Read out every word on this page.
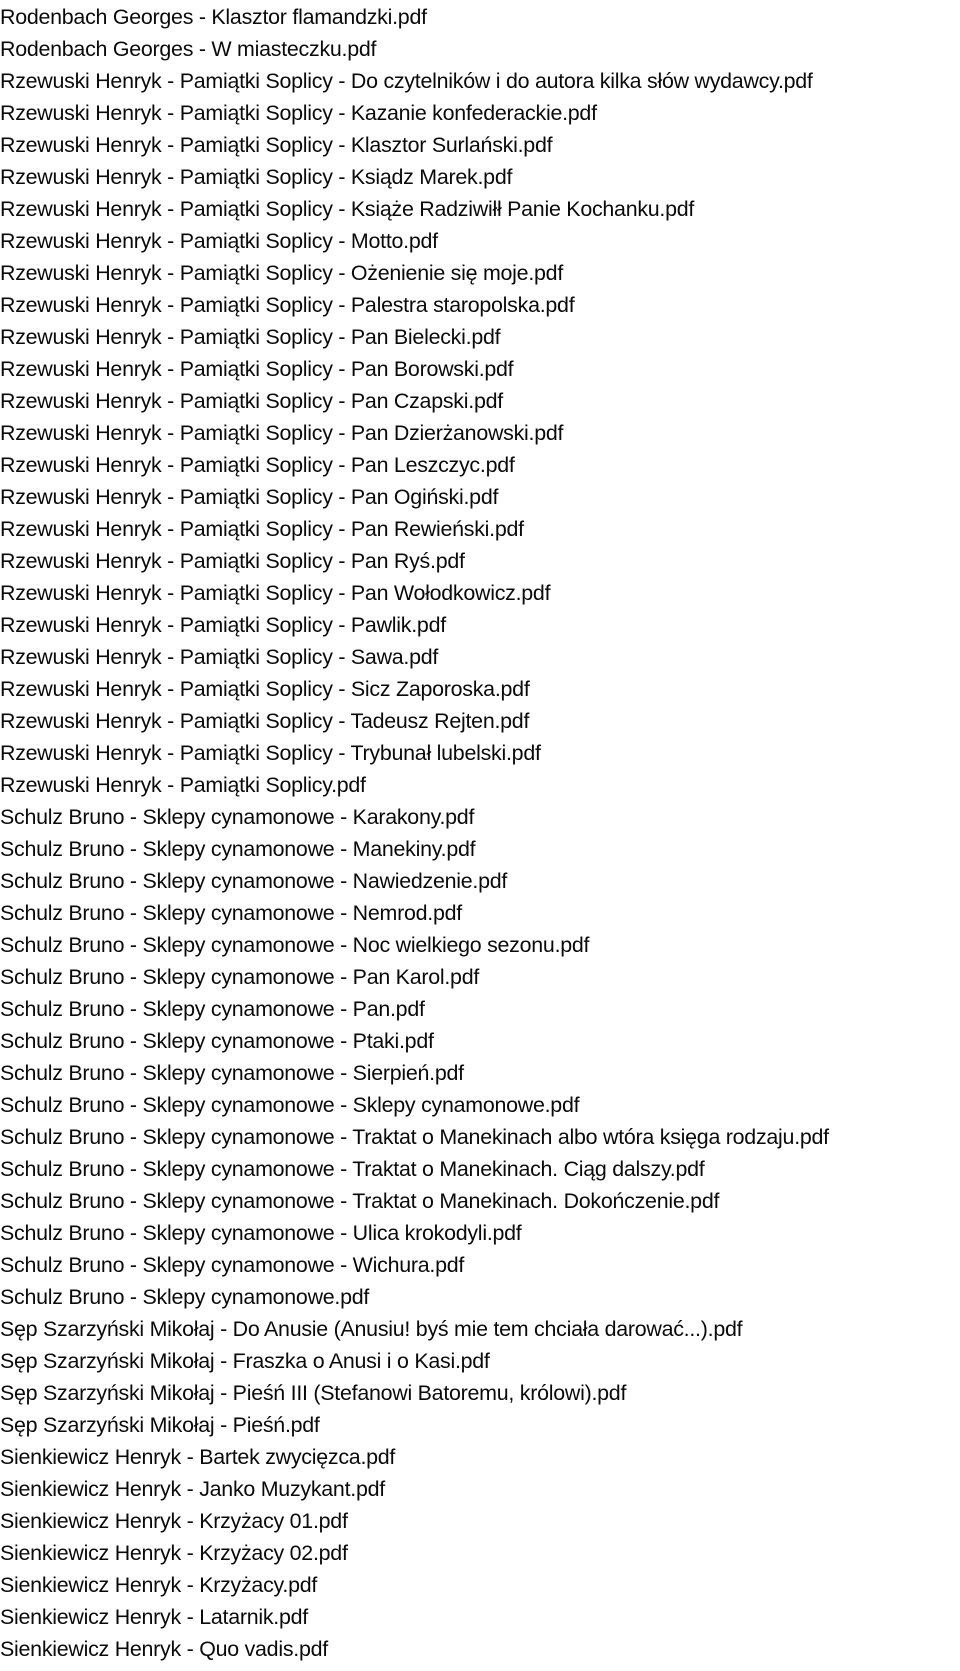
Rodenbach Georges - Klasztor flamandzki.pdf
Rodenbach Georges - W miasteczku.pdf
Rzewuski Henryk - Pamiątki Soplicy - Do czytelników i do autora kilka słów wydawcy.pdf
Rzewuski Henryk - Pamiątki Soplicy - Kazanie konfederackie.pdf
Rzewuski Henryk - Pamiątki Soplicy - Klasztor Surlański.pdf
Rzewuski Henryk - Pamiątki Soplicy - Ksiądz Marek.pdf
Rzewuski Henryk - Pamiątki Soplicy - Książe Radziwiłł Panie Kochanku.pdf
Rzewuski Henryk - Pamiątki Soplicy - Motto.pdf
Rzewuski Henryk - Pamiątki Soplicy - Ożenienie się moje.pdf
Rzewuski Henryk - Pamiątki Soplicy - Palestra staropolska.pdf
Rzewuski Henryk - Pamiątki Soplicy - Pan Bielecki.pdf
Rzewuski Henryk - Pamiątki Soplicy - Pan Borowski.pdf
Rzewuski Henryk - Pamiątki Soplicy - Pan Czapski.pdf
Rzewuski Henryk - Pamiątki Soplicy - Pan Dzierżanowski.pdf
Rzewuski Henryk - Pamiątki Soplicy - Pan Leszczyc.pdf
Rzewuski Henryk - Pamiątki Soplicy - Pan Ogiński.pdf
Rzewuski Henryk - Pamiątki Soplicy - Pan Rewieński.pdf
Rzewuski Henryk - Pamiątki Soplicy - Pan Ryś.pdf
Rzewuski Henryk - Pamiątki Soplicy - Pan Wołodkowicz.pdf
Rzewuski Henryk - Pamiątki Soplicy - Pawlik.pdf
Rzewuski Henryk - Pamiątki Soplicy - Sawa.pdf
Rzewuski Henryk - Pamiątki Soplicy - Sicz Zaporoska.pdf
Rzewuski Henryk - Pamiątki Soplicy - Tadeusz Rejten.pdf
Rzewuski Henryk - Pamiątki Soplicy - Trybunał lubelski.pdf
Rzewuski Henryk - Pamiątki Soplicy.pdf
Schulz Bruno - Sklepy cynamonowe - Karakony.pdf
Schulz Bruno - Sklepy cynamonowe - Manekiny.pdf
Schulz Bruno - Sklepy cynamonowe - Nawiedzenie.pdf
Schulz Bruno - Sklepy cynamonowe - Nemrod.pdf
Schulz Bruno - Sklepy cynamonowe - Noc wielkiego sezonu.pdf
Schulz Bruno - Sklepy cynamonowe - Pan Karol.pdf
Schulz Bruno - Sklepy cynamonowe - Pan.pdf
Schulz Bruno - Sklepy cynamonowe - Ptaki.pdf
Schulz Bruno - Sklepy cynamonowe - Sierpień.pdf
Schulz Bruno - Sklepy cynamonowe - Sklepy cynamonowe.pdf
Schulz Bruno - Sklepy cynamonowe - Traktat o Manekinach albo wtóra księga rodzaju.pdf
Schulz Bruno - Sklepy cynamonowe - Traktat o Manekinach. Ciąg dalszy.pdf
Schulz Bruno - Sklepy cynamonowe - Traktat o Manekinach. Dokończenie.pdf
Schulz Bruno - Sklepy cynamonowe - Ulica krokodyli.pdf
Schulz Bruno - Sklepy cynamonowe - Wichura.pdf
Schulz Bruno - Sklepy cynamonowe.pdf
Sęp Szarzyński Mikołaj - Do Anusie (Anusiu! byś mie tem chciała darować...).pdf
Sęp Szarzyński Mikołaj - Fraszka o Anusi i o Kasi.pdf
Sęp Szarzyński Mikołaj - Pieśń III (Stefanowi Batoremu, królowi).pdf
Sęp Szarzyński Mikołaj - Pieśń.pdf
Sienkiewicz Henryk - Bartek zwycięzca.pdf
Sienkiewicz Henryk - Janko Muzykant.pdf
Sienkiewicz Henryk - Krzyżacy 01.pdf
Sienkiewicz Henryk - Krzyżacy 02.pdf
Sienkiewicz Henryk - Krzyżacy.pdf
Sienkiewicz Henryk - Latarnik.pdf
Sienkiewicz Henryk - Quo vadis.pdf
